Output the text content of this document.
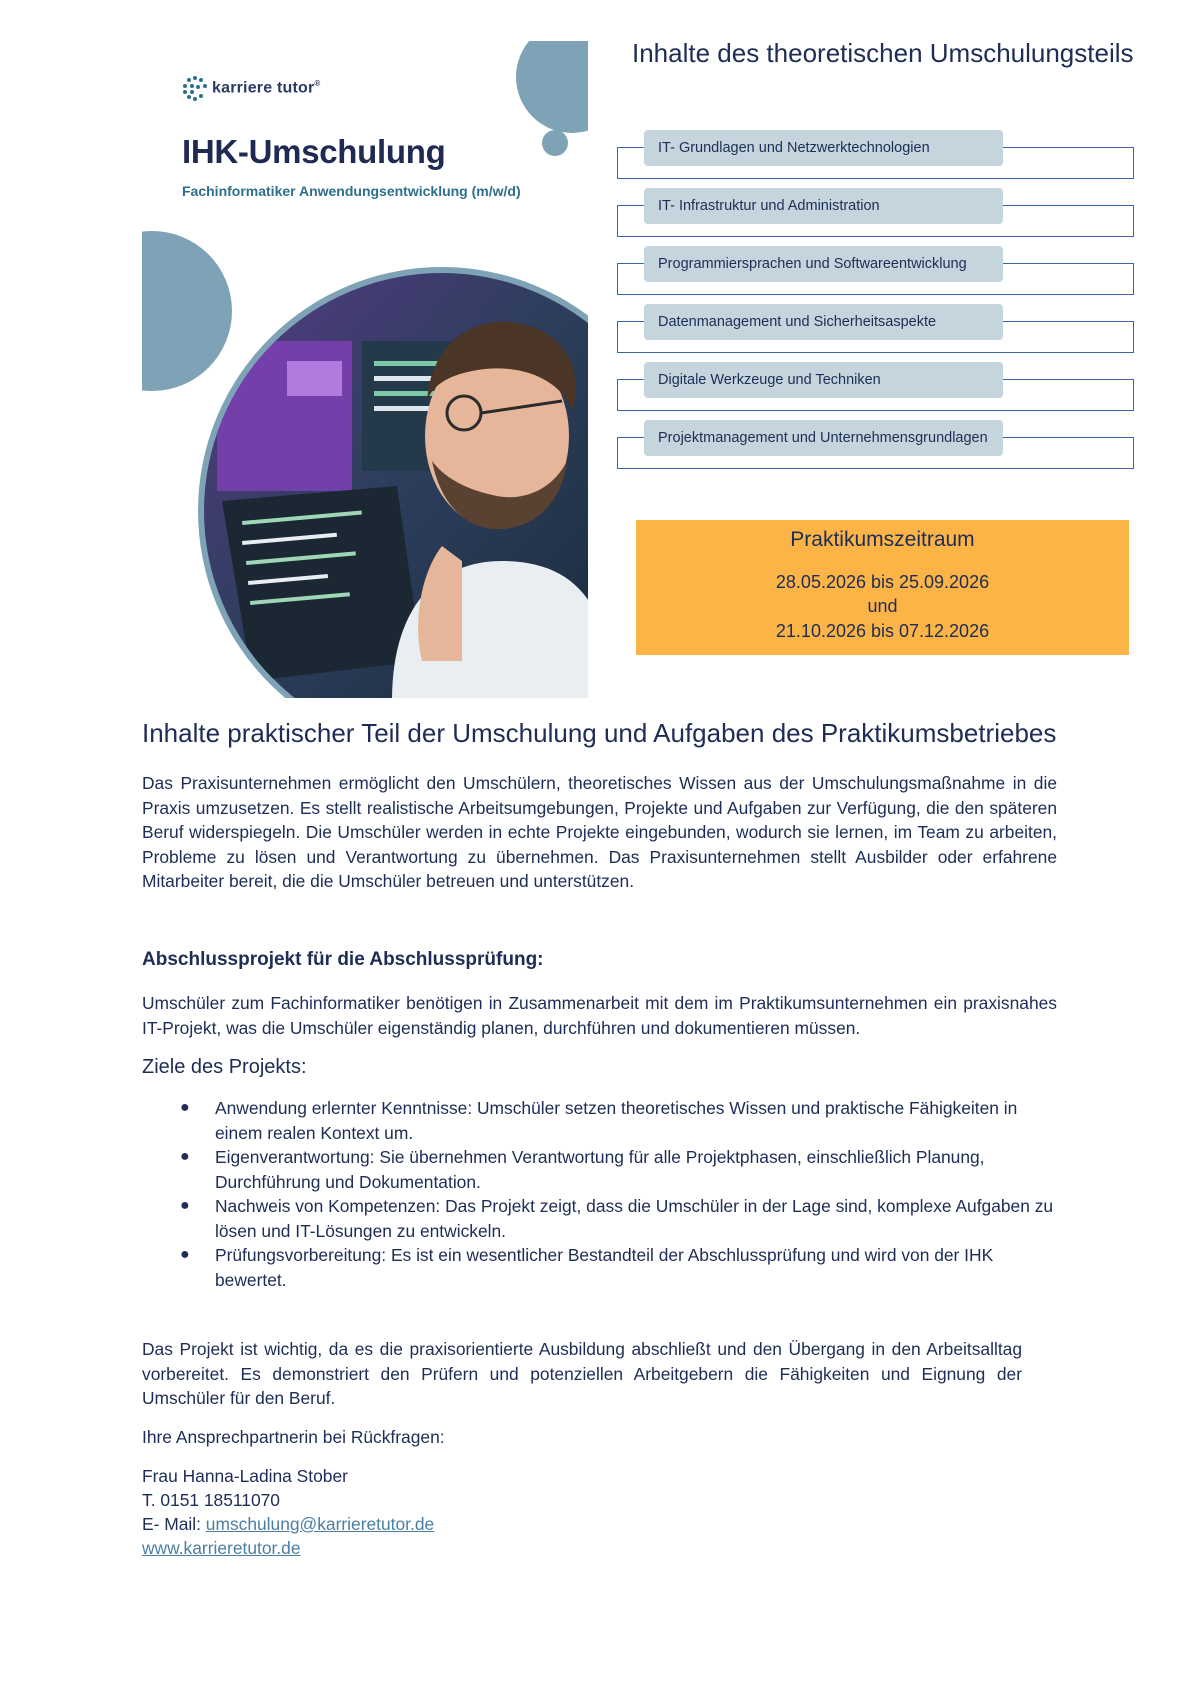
karriere tutor®
IHK-Umschulung
Fachinformatiker Anwendungsentwicklung (m/w/d)
Inhalte des theoretischen Umschulungsteils
IT- Grundlagen und Netzwerktechnologien
IT- Infrastruktur und Administration
Programmiersprachen und Softwareentwicklung
Datenmanagement und Sicherheitsaspekte
Digitale Werkzeuge und Techniken
Projektmanagement und Unternehmensgrundlagen
Praktikumszeitraum
28.05.2026 bis 25.09.2026
und
21.10.2026 bis 07.12.2026
Inhalte praktischer Teil der Umschulung und Aufgaben des Praktikumsbetriebes
Das Praxisunternehmen ermöglicht den Umschülern, theoretisches Wissen aus der Umschulungsmaßnahme in die Praxis umzusetzen. Es stellt realistische Arbeitsumgebungen, Projekte und Aufgaben zur Verfügung, die den späteren Beruf widerspiegeln. Die Umschüler werden in echte Projekte eingebunden, wodurch sie lernen, im Team zu arbeiten, Probleme zu lösen und Verantwortung zu übernehmen. Das Praxisunternehmen stellt Ausbilder oder erfahrene Mitarbeiter bereit, die die Umschüler betreuen und unterstützen.
Abschlussprojekt für die Abschlussprüfung:
Umschüler zum Fachinformatiker benötigen in Zusammenarbeit mit dem im Praktikumsunternehmen ein praxisnahes IT-Projekt, was die Umschüler eigenständig planen, durchführen und dokumentieren müssen.
Ziele des Projekts:
● Anwendung erlernter Kenntnisse: Umschüler setzen theoretisches Wissen und praktische Fähigkeiten in einem realen Kontext um.
● Eigenverantwortung: Sie übernehmen Verantwortung für alle Projektphasen, einschließlich Planung, Durchführung und Dokumentation.
● Nachweis von Kompetenzen: Das Projekt zeigt, dass die Umschüler in der Lage sind, komplexe Aufgaben zu lösen und IT-Lösungen zu entwickeln.
● Prüfungsvorbereitung: Es ist ein wesentlicher Bestandteil der Abschlussprüfung und wird von der IHK bewertet.
Das Projekt ist wichtig, da es die praxisorientierte Ausbildung abschließt und den Übergang in den Arbeitsalltag vorbereitet. Es demonstriert den Prüfern und potenziellen Arbeitgebern die Fähigkeiten und Eignung der Umschüler für den Beruf.
Ihre Ansprechpartnerin bei Rückfragen:
Frau Hanna-Ladina Stober
T. 0151 18511070
E- Mail: umschulung@karrieretutor.de
www.karrieretutor.de
